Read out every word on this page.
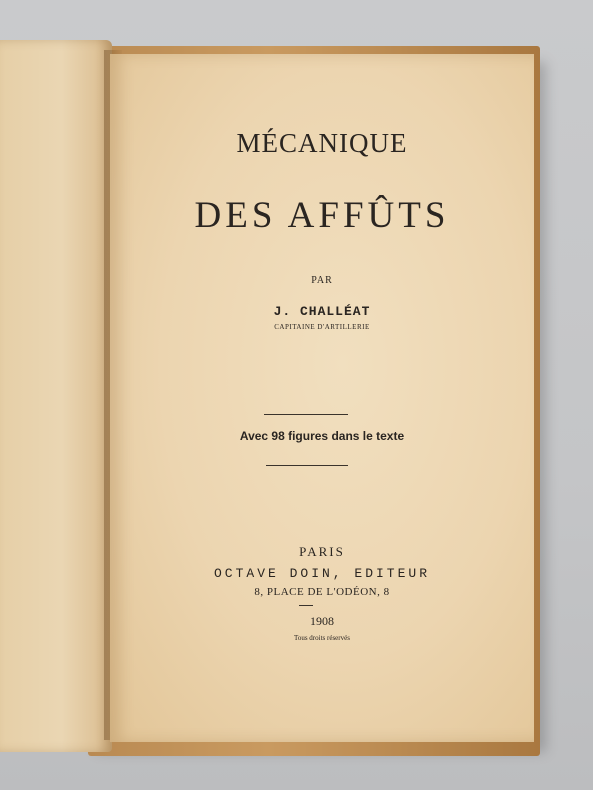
MÉCANIQUE
DES AFFÛTS
PAR
J. CHALLÉAT
CAPITAINE D'ARTILLERIE
Avec 98 figures dans le texte
PARIS
OCTAVE DOIN, EDITEUR
8, PLACE DE L'ODÉON, 8
1908
Tous droits réservés
